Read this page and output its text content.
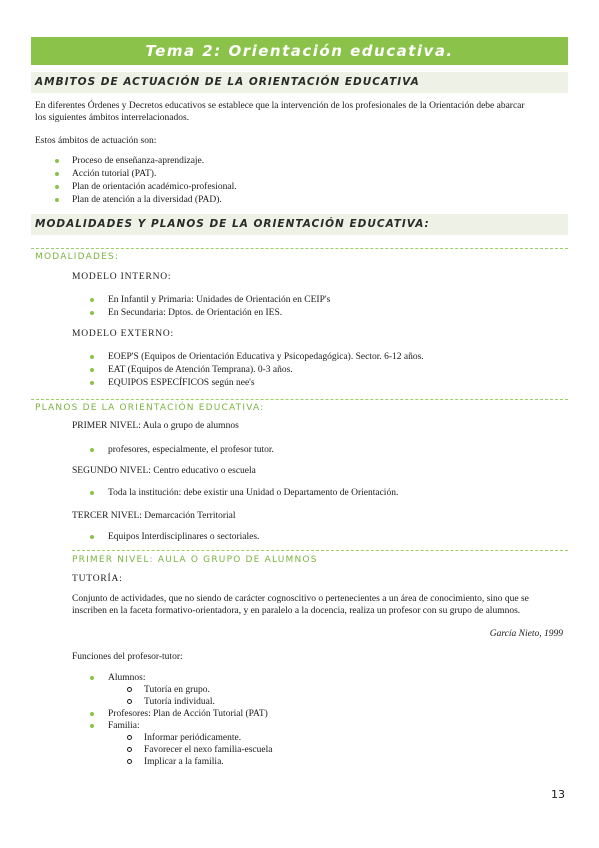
Tema 2: Orientación educativa.
AMBITOS DE ACTUACIÓN DE LA ORIENTACIÓN EDUCATIVA
En diferentes Órdenes y Decretos educativos se establece que la intervención de los profesionales de la Orientación debe abarcar
los siguientes ámbitos interrelacionados.
Estos ámbitos de actuación son:
Proceso de enseñanza-aprendizaje.
Acción tutorial (PAT).
Plan de orientación académico-profesional.
Plan de atención a la diversidad (PAD).
MODALIDADES Y PLANOS DE LA ORIENTACIÓN EDUCATIVA:
MODALIDADES:
MODELO INTERNO:
En Infantil y Primaria: Unidades de Orientación en CEIP's
En Secundaria: Dptos. de Orientación en IES.
MODELO EXTERNO:
EOEP'S (Equipos de Orientación Educativa y Psicopedagógica). Sector. 6-12 años.
EAT (Equipos de Atención Temprana). 0-3 años.
EQUIPOS ESPECÍFICOS según nee's
PLANOS DE LA ORIENTACIÓN EDUCATIVA:
PRIMER NIVEL: Aula o grupo de alumnos
profesores, especialmente, el profesor tutor.
SEGUNDO NIVEL: Centro educativo o escuela
Toda la institución: debe existir una Unidad o Departamento de Orientación.
TERCER NIVEL: Demarcación Territorial
Equipos Interdisciplinares o sectoriales.
PRIMER NIVEL: AULA O GRUPO DE ALUMNOS
TUTORÍA:
Conjunto de actividades, que no siendo de carácter cognoscitivo o pertenecientes a un área de conocimiento, sino que se
inscriben en la faceta formativo-orientadora, y en paralelo a la docencia, realiza un profesor con su grupo de alumnos.
García Nieto, 1999
Funciones del profesor-tutor:
Alumnos:
Tutoría en grupo.
Tutoría individual.
Profesores: Plan de Acción Tutorial (PAT)
Familia:
Informar periódicamente.
Favorecer el nexo familia-escuela
Implicar a la familia.
13
